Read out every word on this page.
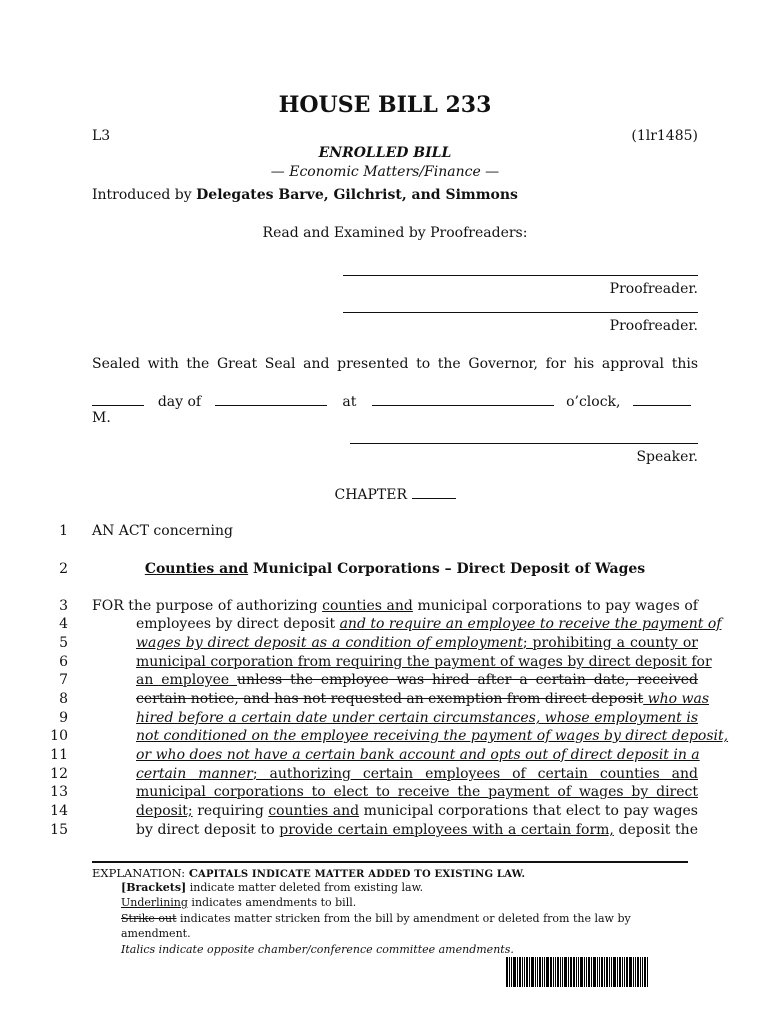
HOUSE BILL 233
L3	(1lr1485)
ENROLLED BILL
— Economic Matters/Finance —
Introduced by Delegates Barve, Gilchrist, and Simmons
Read and Examined by Proofreaders:
Proofreader.
Proofreader.
Sealed with the Great Seal and presented to the Governor, for his approval this
day of	at	o’clock, M.
Speaker.
CHAPTER
1 AN ACT concerning
2	Counties and Municipal Corporations – Direct Deposit of Wages
3 FOR the purpose of authorizing counties and municipal corporations to pay wages of
4	employees by direct deposit and to require an employee to receive the payment of
5	wages by direct deposit as a condition of employment; prohibiting a county or
6	municipal corporation from requiring the payment of wages by direct deposit for
7	an employee unless the employee was hired after a certain date, received
8	certain notice, and has not requested an exemption from direct deposit who was
9	hired before a certain date under certain circumstances, whose employment is
10	not conditioned on the employee receiving the payment of wages by direct deposit,
11	or who does not have a certain bank account and opts out of direct deposit in a
12	certain manner; authorizing certain employees of certain counties and
13	municipal corporations to elect to receive the payment of wages by direct
14	deposit; requiring counties and municipal corporations that elect to pay wages
15	by direct deposit to provide certain employees with a certain form, deposit the
EXPLANATION: CAPITALS INDICATE MATTER ADDED TO EXISTING LAW.
[Brackets] indicate matter deleted from existing law.
Underlining indicates amendments to bill.
Strike out indicates matter stricken from the bill by amendment or deleted from the law by
amendment.
Italics indicate opposite chamber/conference committee amendments.
